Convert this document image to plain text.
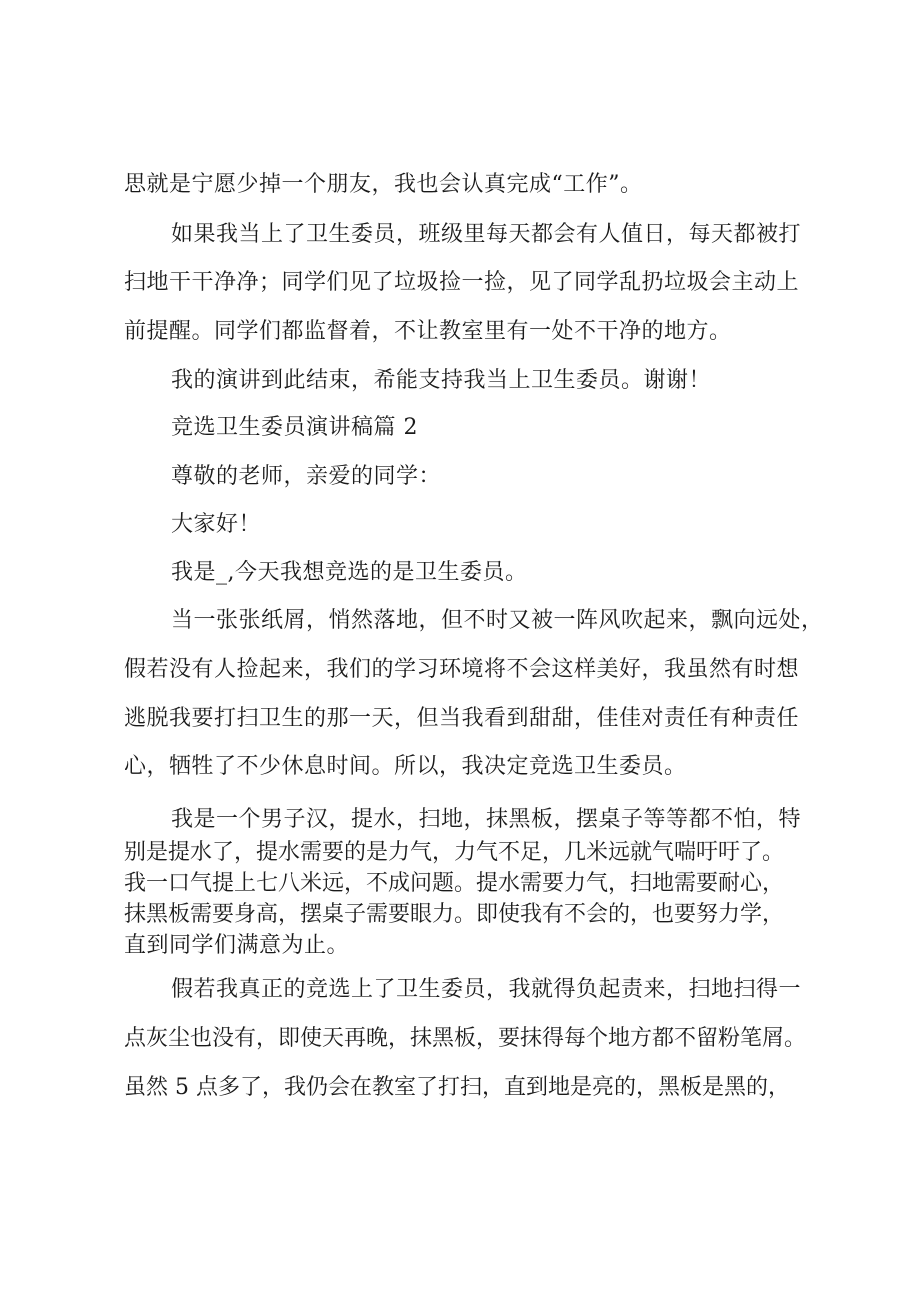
思就是宁愿少掉一个朋友，我也会认真完成“工作”。
如果我当上了卫生委员，班级里每天都会有人值日，每天都被打
扫地干干净净；同学们见了垃圾捡一捡，见了同学乱扔垃圾会主动上
前提醒。同学们都监督着，不让教室里有一处不干净的地方。
我的演讲到此结束，希能支持我当上卫生委员。谢谢！
竞选卫生委员演讲稿篇 2
尊敬的老师，亲爱的同学：
大家好！
我是_,今天我想竞选的是卫生委员。
当一张张纸屑，悄然落地，但不时又被一阵风吹起来，飘向远处，
假若没有人捡起来，我们的学习环境将不会这样美好，我虽然有时想
逃脱我要打扫卫生的那一天，但当我看到甜甜，佳佳对责任有种责任
心，牺牲了不少休息时间。所以，我决定竞选卫生委员。
我是一个男子汉，提水，扫地，抹黑板，摆桌子等等都不怕，特
别是提水了，提水需要的是力气，力气不足，几米远就气喘吁吁了。
我一口气提上七八米远，不成问题。提水需要力气，扫地需要耐心，
抹黑板需要身高，摆桌子需要眼力。即使我有不会的，也要努力学，
直到同学们满意为止。
假若我真正的竞选上了卫生委员，我就得负起责来，扫地扫得一
点灰尘也没有，即使天再晚，抹黑板，要抹得每个地方都不留粉笔屑。
虽然 5 点多了，我仍会在教室了打扫，直到地是亮的，黑板是黑的，
